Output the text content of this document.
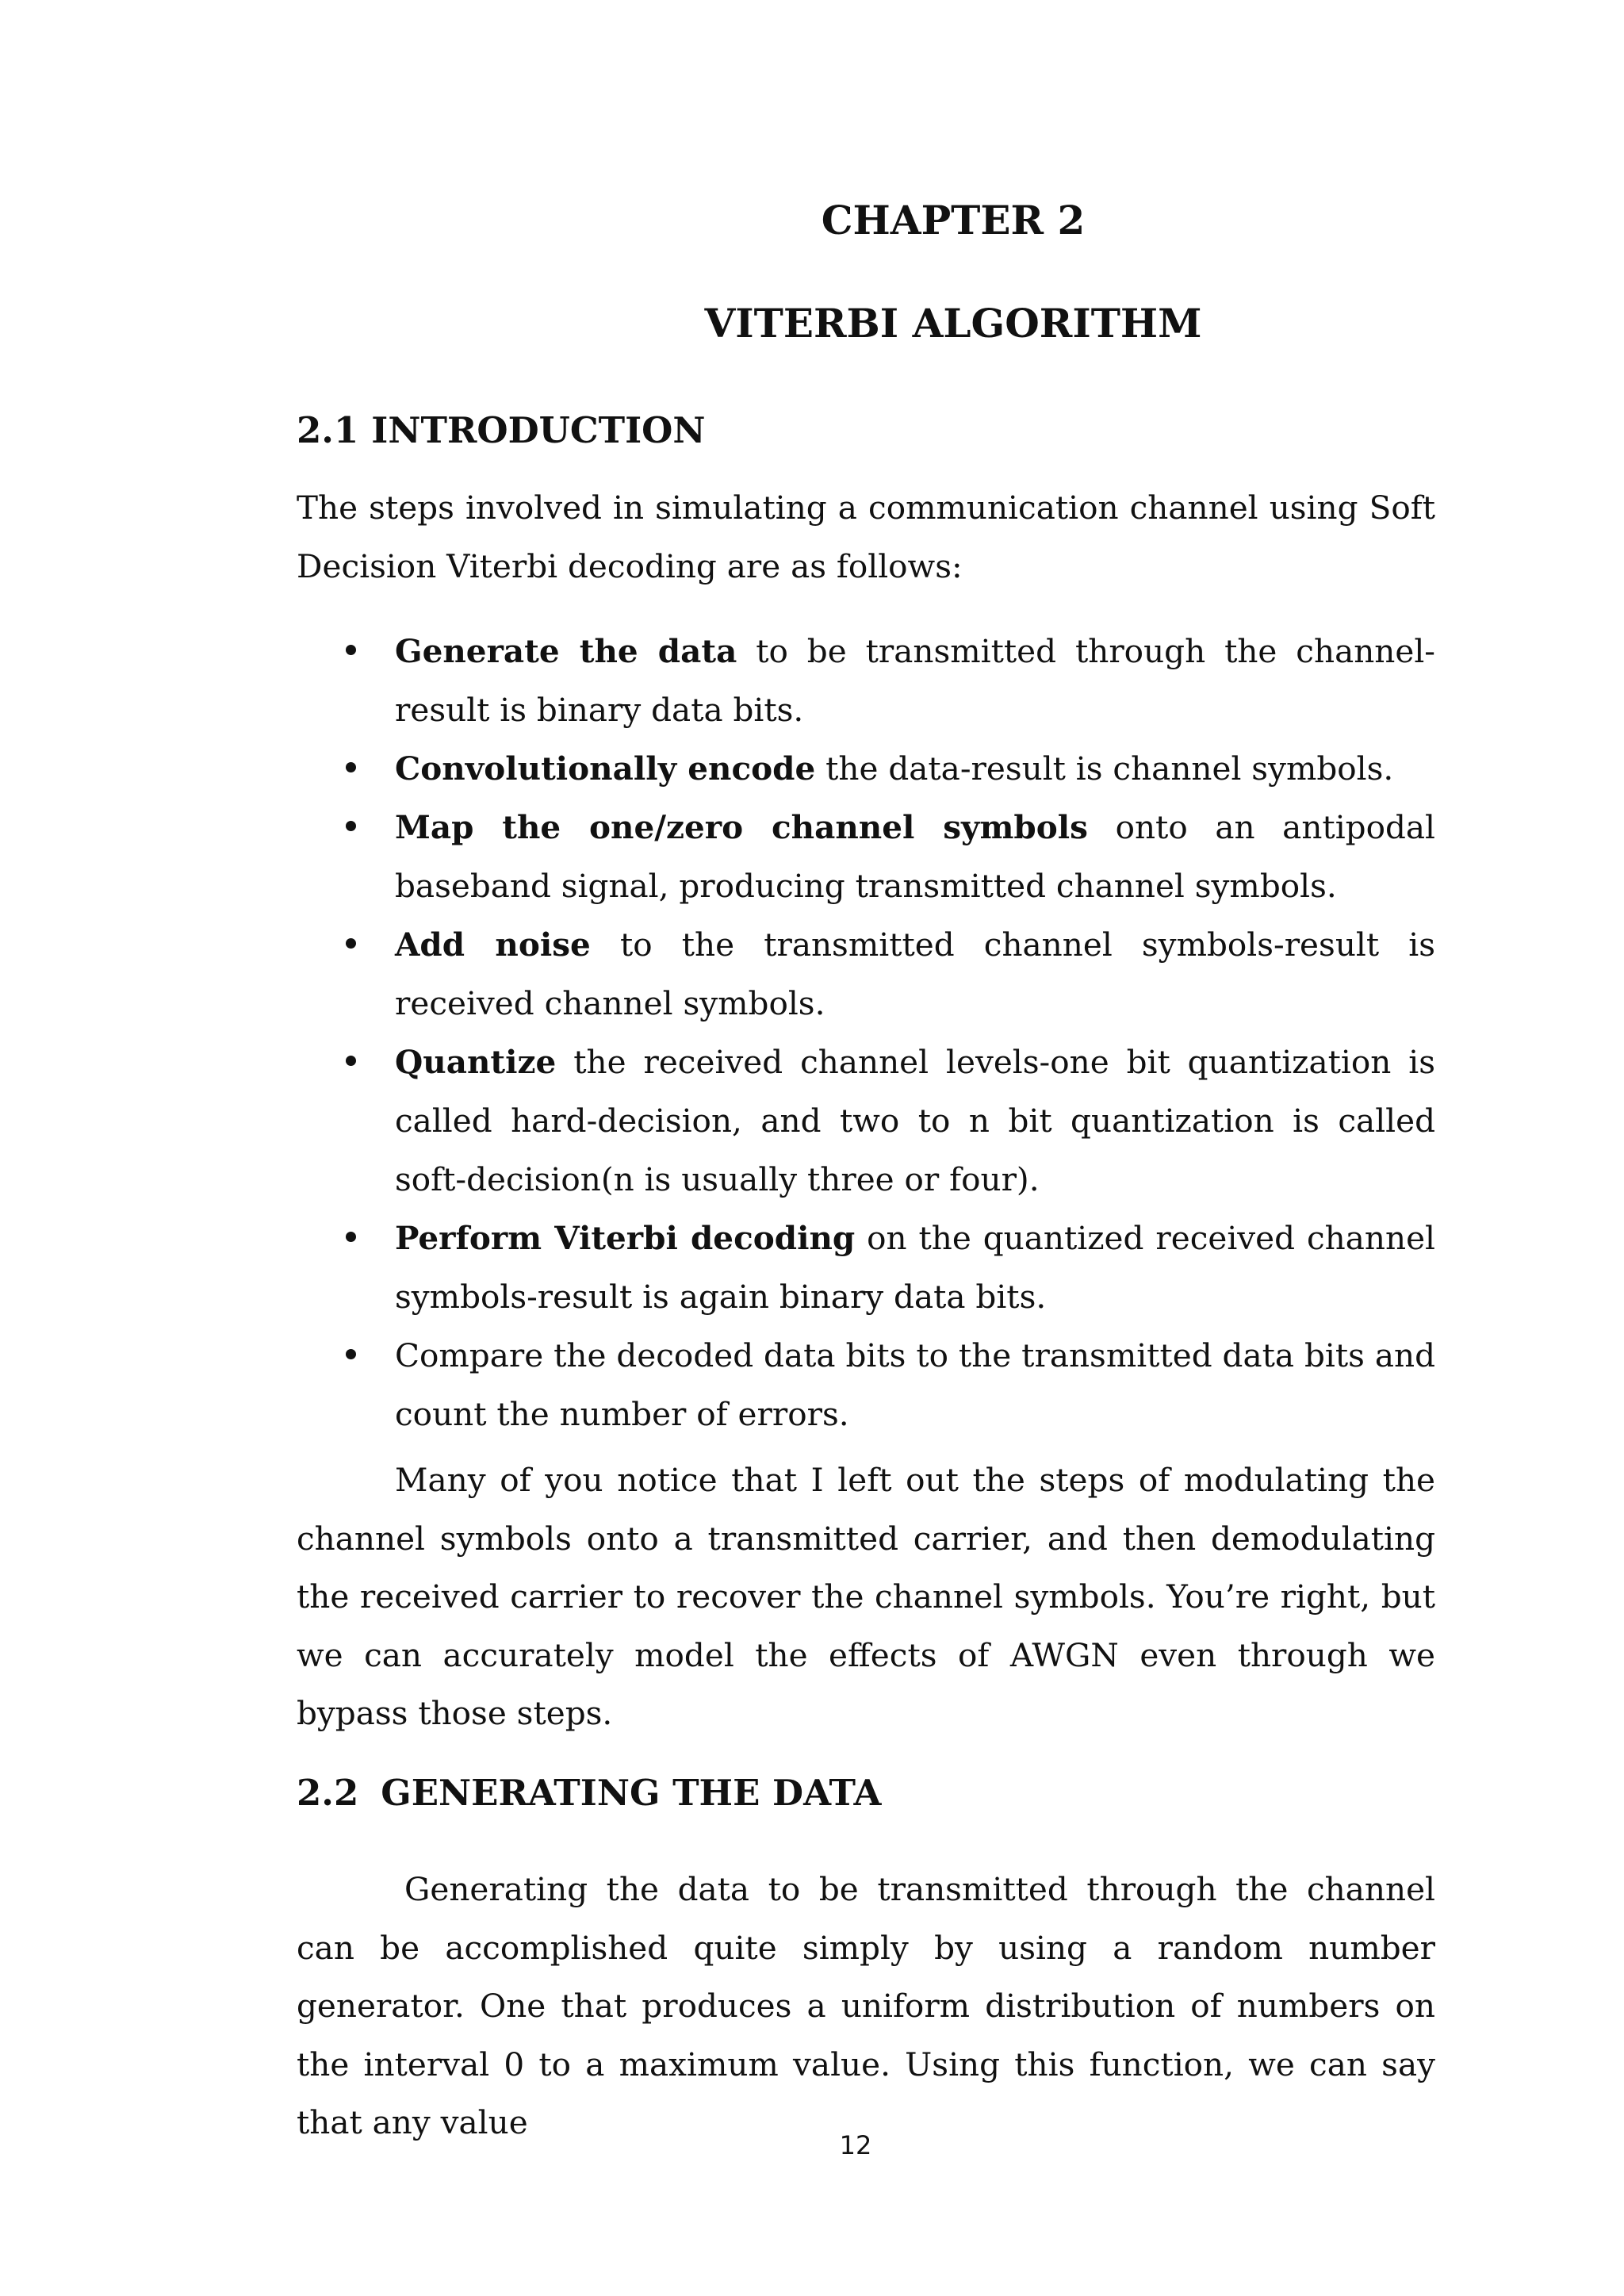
CHAPTER 2
VITERBI ALGORITHM
2.1 INTRODUCTION

The steps involved in simulating a communication channel using Soft Decision Viterbi decoding are as follows:

Generate the data to be transmitted through the channel-result is binary data bits.
Convolutionally encode the data-result is channel symbols.
Map the one/zero channel symbols onto an antipodal baseband signal, producing transmitted channel symbols.
Add noise to the transmitted channel symbols-result is received channel symbols.
Quantize the received channel levels-one bit quantization is called hard-decision, and two to n bit quantization is called soft-decision(n is usually three or four).
Perform Viterbi decoding on the quantized received channel symbols-result is again binary data bits.
Compare the decoded data bits to the transmitted data bits and count the number of errors.

Many of you notice that I left out the steps of modulating the channel symbols onto a transmitted carrier, and then demodulating the received carrier to recover the channel symbols. You’re right, but we can accurately model the effects of AWGN even through we bypass those steps.

2.2 GENERATING THE DATA

Generating the data to be transmitted through the channel can be accomplished quite simply by using a random number generator. One that produces a uniform distribution of numbers on the interval 0 to a maximum value. Using this function, we can say that any value

12
